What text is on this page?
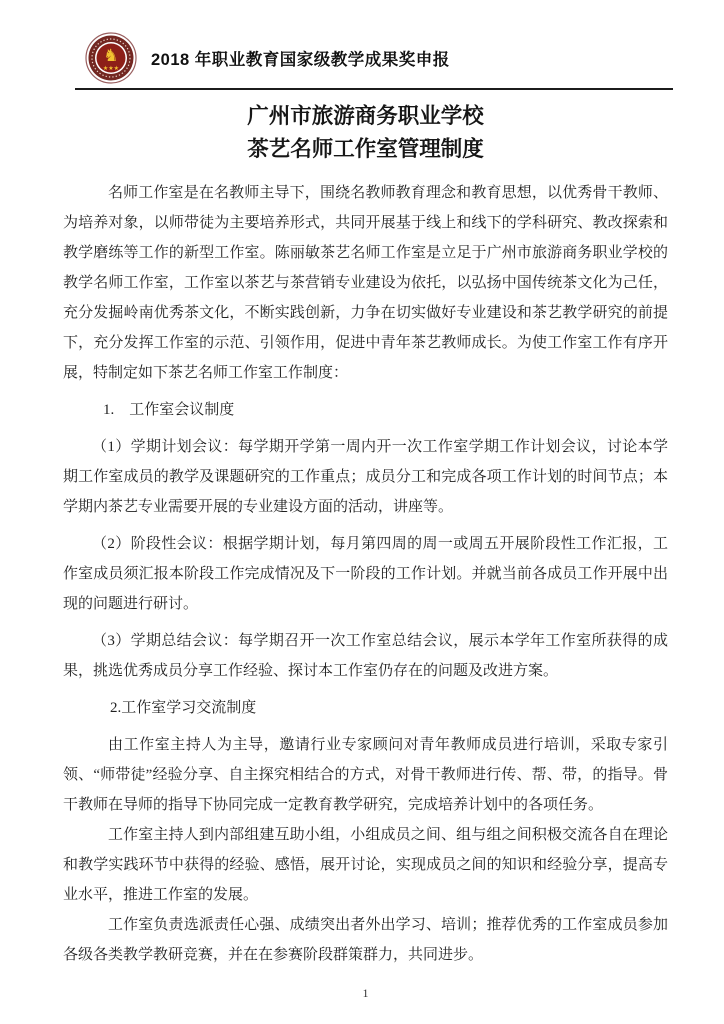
♞
★★★ 2018 年职业教育国家级教学成果奖申报
广州市旅游商务职业学校
茶艺名师工作室管理制度

名师工作室是在名教师主导下，围绕名教师教育理念和教育思想，以优秀骨干教师、为培养对象，以师带徒为主要培养形式，共同开展基于线上和线下的学科研究、教改探索和教学磨练等工作的新型工作室。陈丽敏茶艺名师工作室是立足于广州市旅游商务职业学校的教学名师工作室，工作室以茶艺与茶营销专业建设为依托，以弘扬中国传统茶文化为己任，充分发掘岭南优秀茶文化，不断实践创新，力争在切实做好专业建设和茶艺教学研究的前提下，充分发挥工作室的示范、引领作用，促进中青年茶艺教师成长。为使工作室工作有序开展，特制定如下茶艺名师工作室工作制度：

1.　工作室会议制度

（1）学期计划会议：每学期开学第一周内开一次工作室学期工作计划会议，讨论本学期工作室成员的教学及课题研究的工作重点；成员分工和完成各项工作计划的时间节点；本学期内茶艺专业需要开展的专业建设方面的活动，讲座等。

（2）阶段性会议：根据学期计划，每月第四周的周一或周五开展阶段性工作汇报，工作室成员须汇报本阶段工作完成情况及下一阶段的工作计划。并就当前各成员工作开展中出现的问题进行研讨。

（3）学期总结会议：每学期召开一次工作室总结会议，展示本学年工作室所获得的成果，挑选优秀成员分享工作经验、探讨本工作室仍存在的问题及改进方案。

2.工作室学习交流制度

由工作室主持人为主导，邀请行业专家顾问对青年教师成员进行培训，采取专家引领、“师带徒”经验分享、自主探究相结合的方式，对骨干教师进行传、帮、带，的指导。骨干教师在导师的指导下协同完成一定教育教学研究，完成培养计划中的各项任务。

工作室主持人到内部组建互助小组，小组成员之间、组与组之间积极交流各自在理论和教学实践环节中获得的经验、感悟，展开讨论，实现成员之间的知识和经验分享，提高专业水平，推进工作室的发展。

工作室负责选派责任心强、成绩突出者外出学习、培训；推荐优秀的工作室成员参加各级各类教学教研竞赛，并在在参赛阶段群策群力，共同进步。

1
